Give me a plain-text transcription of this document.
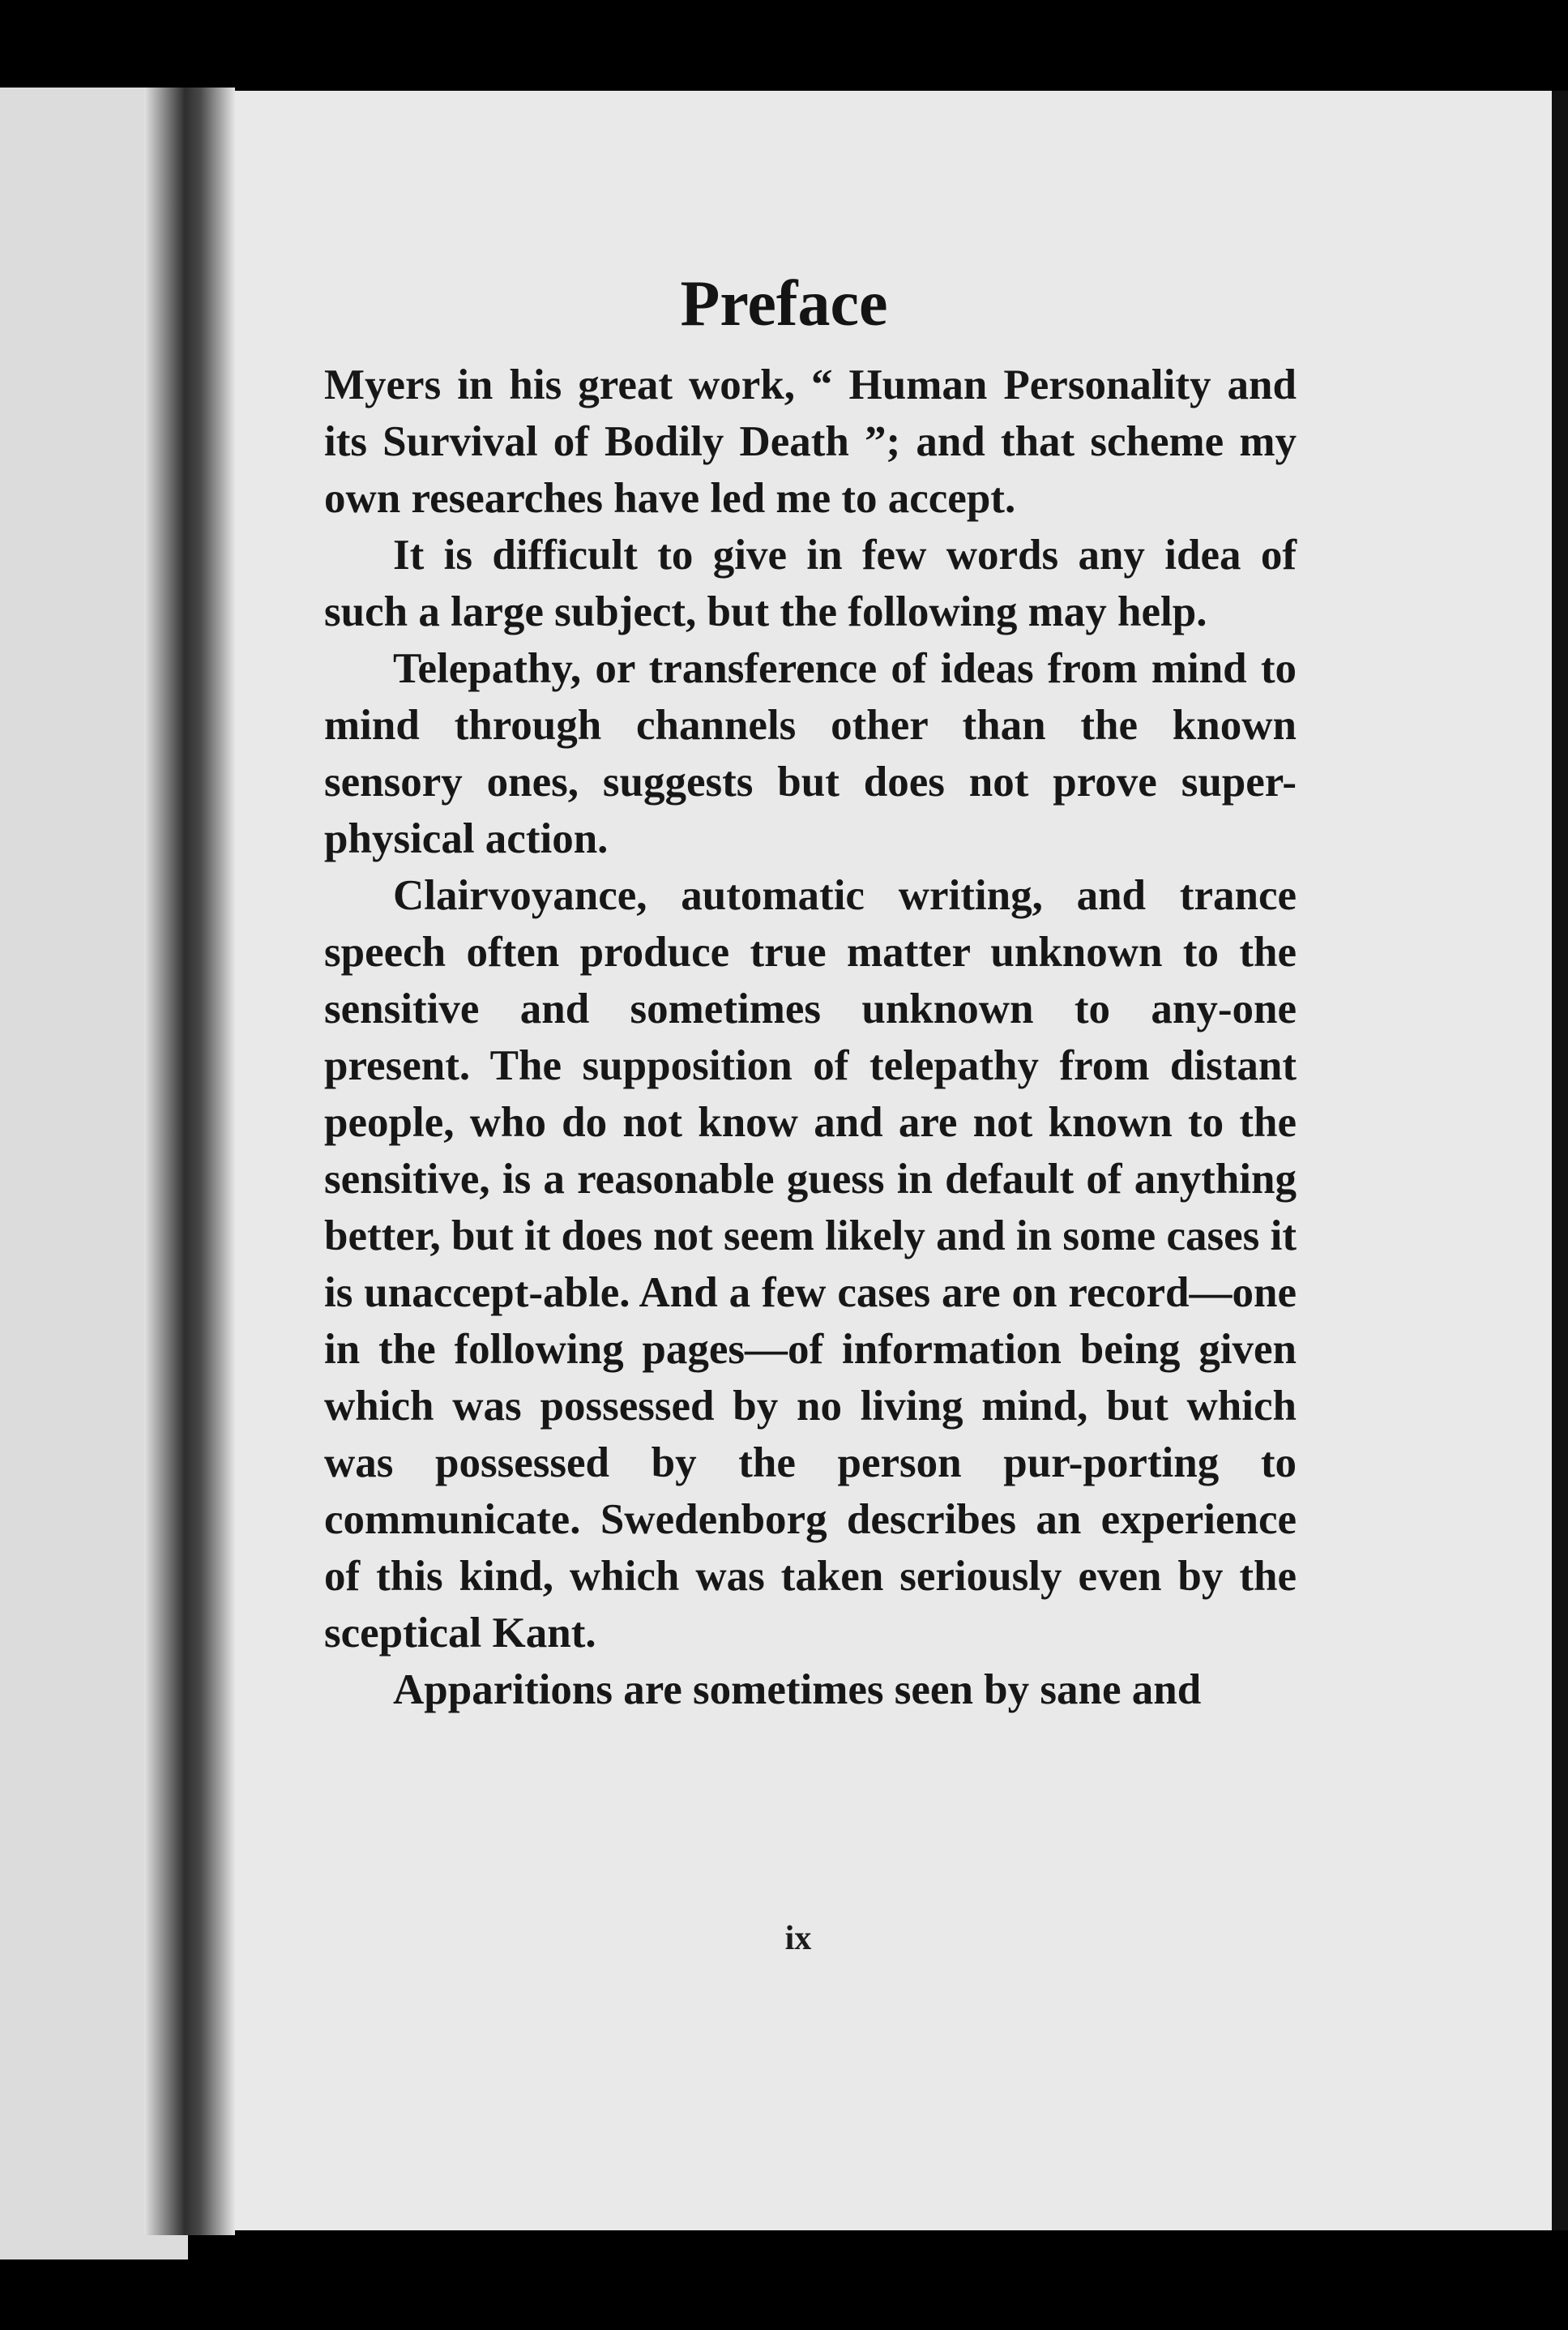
Preface

Myers in his great work, “ Human Personality and its Survival of Bodily Death ”; and that scheme my own researches have led me to accept.

It is difficult to give in few words any idea of such a large subject, but the following may help.

Telepathy, or transference of ideas from mind to mind through channels other than the known sensory ones, suggests but does not prove super-physical action.

Clairvoyance, automatic writing, and trance speech often produce true matter unknown to the sensitive and sometimes unknown to any-one present. The supposition of telepathy from distant people, who do not know and are not known to the sensitive, is a reasonable guess in default of anything better, but it does not seem likely and in some cases it is unaccept-able. And a few cases are on record—one in the following pages—of information being given which was possessed by no living mind, but which was possessed by the person pur-porting to communicate. Swedenborg describes an experience of this kind, which was taken seriously even by the sceptical Kant.

Apparitions are sometimes seen by sane and

ix
